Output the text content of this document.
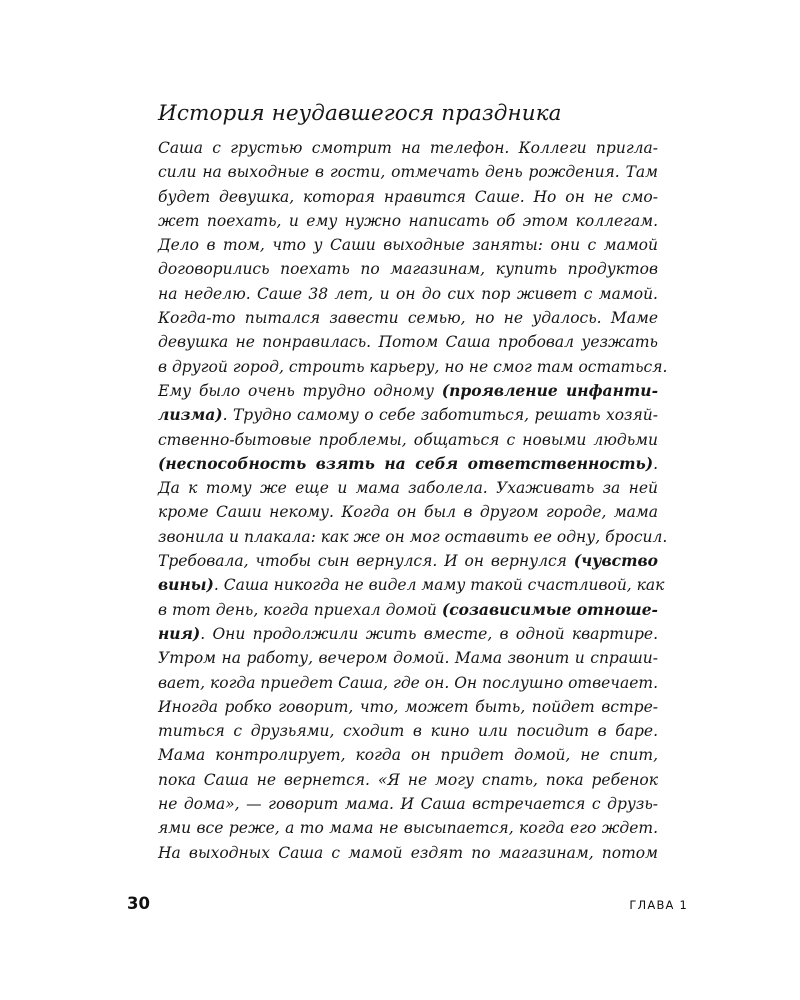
История неудавшегося праздника
Саша с грустью смотрит на телефон. Коллеги пригла-
сили на выходные в гости, отмечать день рождения. Там
будет девушка, которая нравится Саше. Но он не смо-
жет поехать, и ему нужно написать об этом коллегам.
Дело в том, что у Саши выходные заняты: они с мамой
договорились поехать по магазинам, купить продуктов
на неделю. Саше 38 лет, и он до сих пор живет с мамой.
Когда-то пытался завести семью, но не удалось. Маме
девушка не понравилась. Потом Саша пробовал уезжать
в другой город, строить карьеру, но не смог там остаться.
Ему было очень трудно одному (проявление инфанти-
лизма). Трудно самому о себе заботиться, решать хозяй-
ственно-бытовые проблемы, общаться с новыми людьми
(неспособность взять на себя ответственность).
Да к тому же еще и мама заболела. Ухаживать за ней
кроме Саши некому. Когда он был в другом городе, мама
звонила и плакала: как же он мог оставить ее одну, бросил.
Требовала, чтобы сын вернулся. И он вернулся (чувство
вины). Саша никогда не видел маму такой счастливой, как
в тот день, когда приехал домой (созависимые отноше-
ния). Они продолжили жить вместе, в одной квартире.
Утром на работу, вечером домой. Мама звонит и спраши-
вает, когда приедет Саша, где он. Он послушно отвечает.
Иногда робко говорит, что, может быть, пойдет встре-
титься с друзьями, сходит в кино или посидит в баре.
Мама контролирует, когда он придет домой, не спит,
пока Саша не вернется. «Я не могу спать, пока ребенок
не дома», — говорит мама. И Саша встречается с друзь-
ями все реже, а то мама не высыпается, когда его ждет.
На выходных Саша с мамой ездят по магазинам, потом
30	ГЛАВА 1
